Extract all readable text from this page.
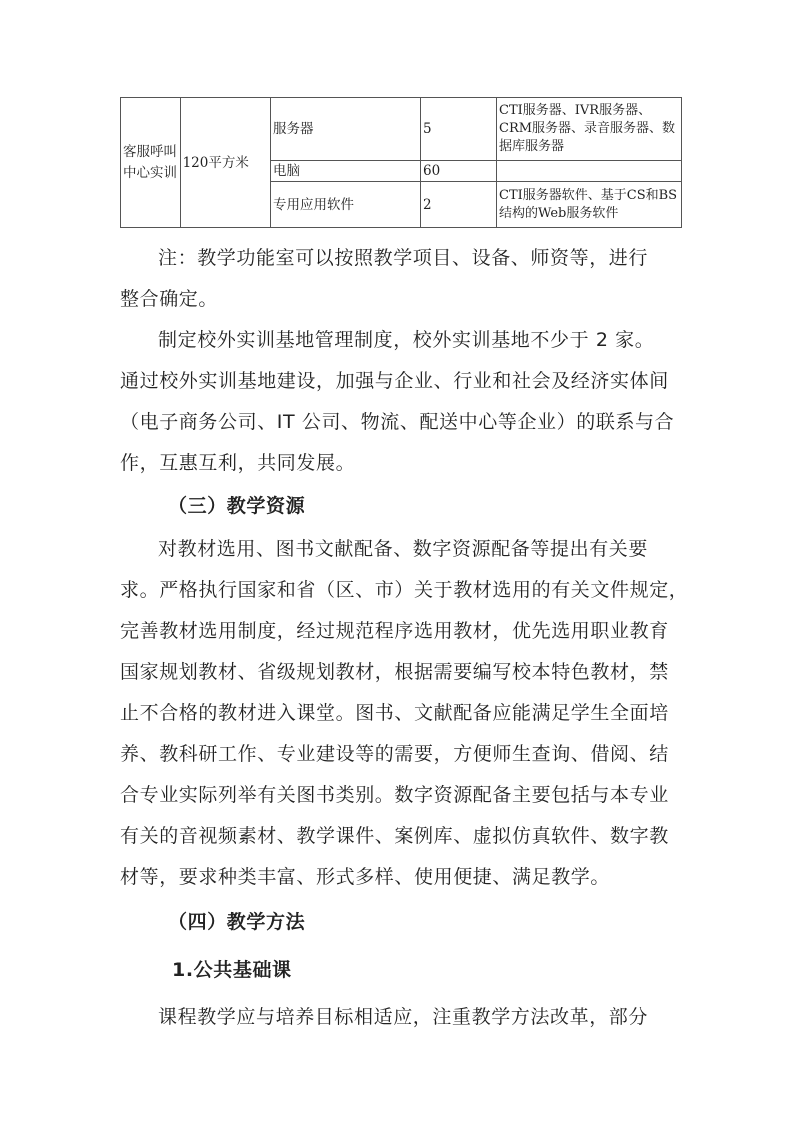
客服呼叫中心实训	120平方米	服务器	5	CTI服务器、IVR服务器、CRM服务器、录音服务器、数据库服务器
		电脑	60	
		专用应用软件	2	CTI服务器软件、基于CS和BS结构的Web服务软件
注：教学功能室可以按照教学项目、设备、师资等，进行
整合确定。
制定校外实训基地管理制度，校外实训基地不少于 2 家。
通过校外实训基地建设，加强与企业、行业和社会及经济实体间
（电子商务公司、IT 公司、物流、配送中心等企业）的联系与合
作，互惠互利，共同发展。
（三）教学资源
对教材选用、图书文献配备、数字资源配备等提出有关要
求。严格执行国家和省（区、市）关于教材选用的有关文件规定，
完善教材选用制度，经过规范程序选用教材，优先选用职业教育
国家规划教材、省级规划教材，根据需要编写校本特色教材，禁
止不合格的教材进入课堂。图书、文献配备应能满足学生全面培
养、教科研工作、专业建设等的需要，方便师生查询、借阅、结
合专业实际列举有关图书类别。数字资源配备主要包括与本专业
有关的音视频素材、教学课件、案例库、虚拟仿真软件、数字教
材等，要求种类丰富、形式多样、使用便捷、满足教学。
（四）教学方法
1.公共基础课
课程教学应与培养目标相适应，注重教学方法改革，部分
